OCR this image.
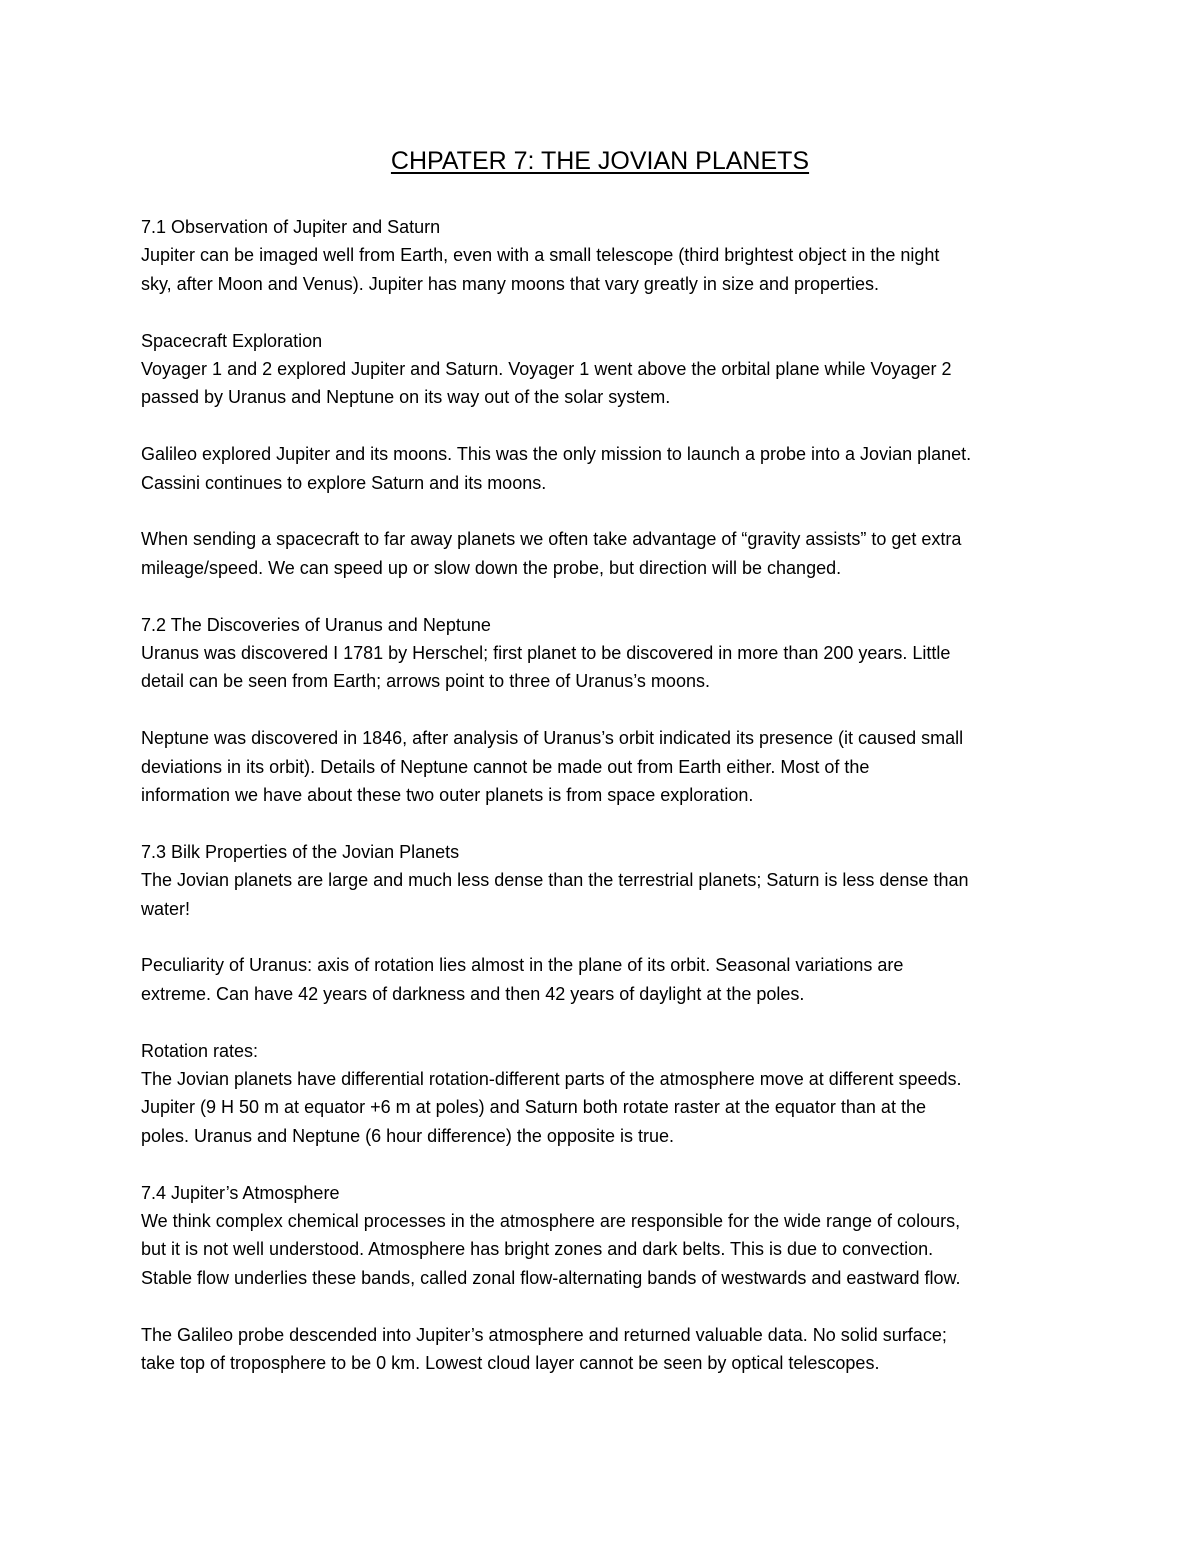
CHPATER 7: THE JOVIAN PLANETS
7.1 Observation of Jupiter and Saturn
Jupiter can be imaged well from Earth, even with a small telescope (third brightest object in the night
sky, after Moon and Venus). Jupiter has many moons that vary greatly in size and properties.
Spacecraft Exploration
Voyager 1 and 2 explored Jupiter and Saturn. Voyager 1 went above the orbital plane while Voyager 2
passed by Uranus and Neptune on its way out of the solar system.
Galileo explored Jupiter and its moons. This was the only mission to launch a probe into a Jovian planet.
Cassini continues to explore Saturn and its moons.
When sending a spacecraft to far away planets we often take advantage of “gravity assists” to get extra
mileage/speed. We can speed up or slow down the probe, but direction will be changed.
7.2 The Discoveries of Uranus and Neptune
Uranus was discovered I 1781 by Herschel; first planet to be discovered in more than 200 years. Little
detail can be seen from Earth; arrows point to three of Uranus’s moons.
Neptune was discovered in 1846, after analysis of Uranus’s orbit indicated its presence (it caused small
deviations in its orbit). Details of Neptune cannot be made out from Earth either. Most of the
information we have about these two outer planets is from space exploration.
7.3 Bilk Properties of the Jovian Planets
The Jovian planets are large and much less dense than the terrestrial planets; Saturn is less dense than
water!
Peculiarity of Uranus: axis of rotation lies almost in the plane of its orbit. Seasonal variations are
extreme. Can have 42 years of darkness and then 42 years of daylight at the poles.
Rotation rates:
The Jovian planets have differential rotation-different parts of the atmosphere move at different speeds.
Jupiter (9 H 50 m at equator +6 m at poles) and Saturn both rotate raster at the equator than at the
poles. Uranus and Neptune (6 hour difference) the opposite is true.
7.4 Jupiter’s Atmosphere
We think complex chemical processes in the atmosphere are responsible for the wide range of colours,
but it is not well understood. Atmosphere has bright zones and dark belts. This is due to convection.
Stable flow underlies these bands, called zonal flow-alternating bands of westwards and eastward flow.
The Galileo probe descended into Jupiter’s atmosphere and returned valuable data. No solid surface;
take top of troposphere to be 0 km. Lowest cloud layer cannot be seen by optical telescopes.
